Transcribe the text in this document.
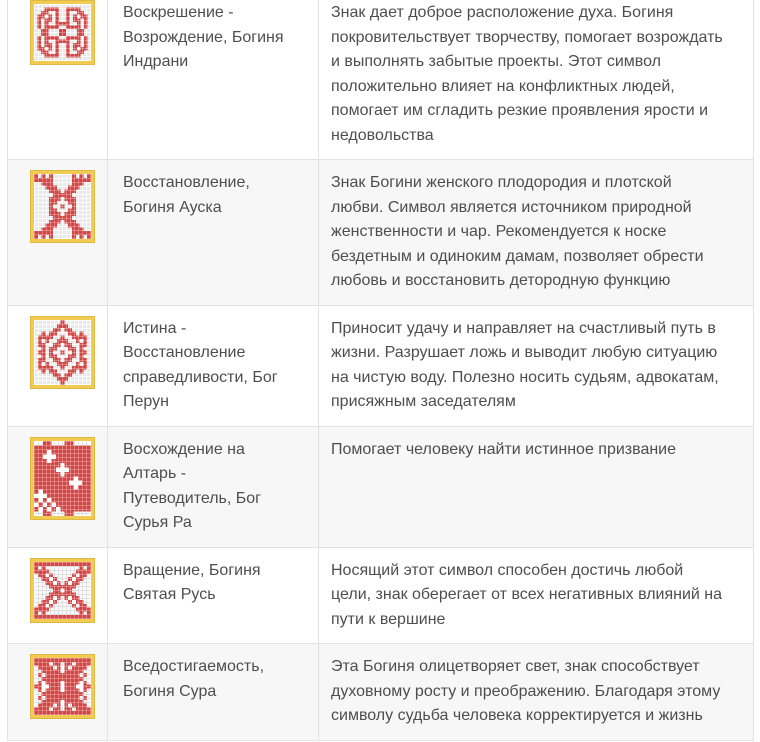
	Воскрешение - Возрождение, Богиня Индрани	Знак дает доброе расположение духа. Богиня покровительствует творчеству, помогает возрождать и выполнять забытые проекты. Этот символ положительно влияет на конфликтных людей, помогает им сгладить резкие проявления ярости и недовольства

	Восстановление, Богиня Ауска	Знак Богини женского плодородия и плотской любви. Символ является источником природной женственности и чар. Рекомендуется к носке бездетным и одиноким дамам, позволяет обрести любовь и восстановить детородную функцию

	Истина - Восстановление справедливости, Бог Перун	Приносит удачу и направляет на счастливый путь в жизни. Разрушает ложь и выводит любую ситуацию на чистую воду. Полезно носить судьям, адвокатам, присяжным заседателям

	Восхождение на Алтарь - Путеводитель, Бог Сурья Ра	Помогает человеку найти истинное призвание

	Вращение, Богиня Святая Русь	Носящий этот символ способен достичь любой цели, знак оберегает от всех негативных влияний на пути к вершине

	Вседостигаемость, Богиня Сура	Эта Богиня олицетворяет свет, знак способствует духовному росту и преображению. Благодаря этому символу судьба человека корректируется и жизнь
